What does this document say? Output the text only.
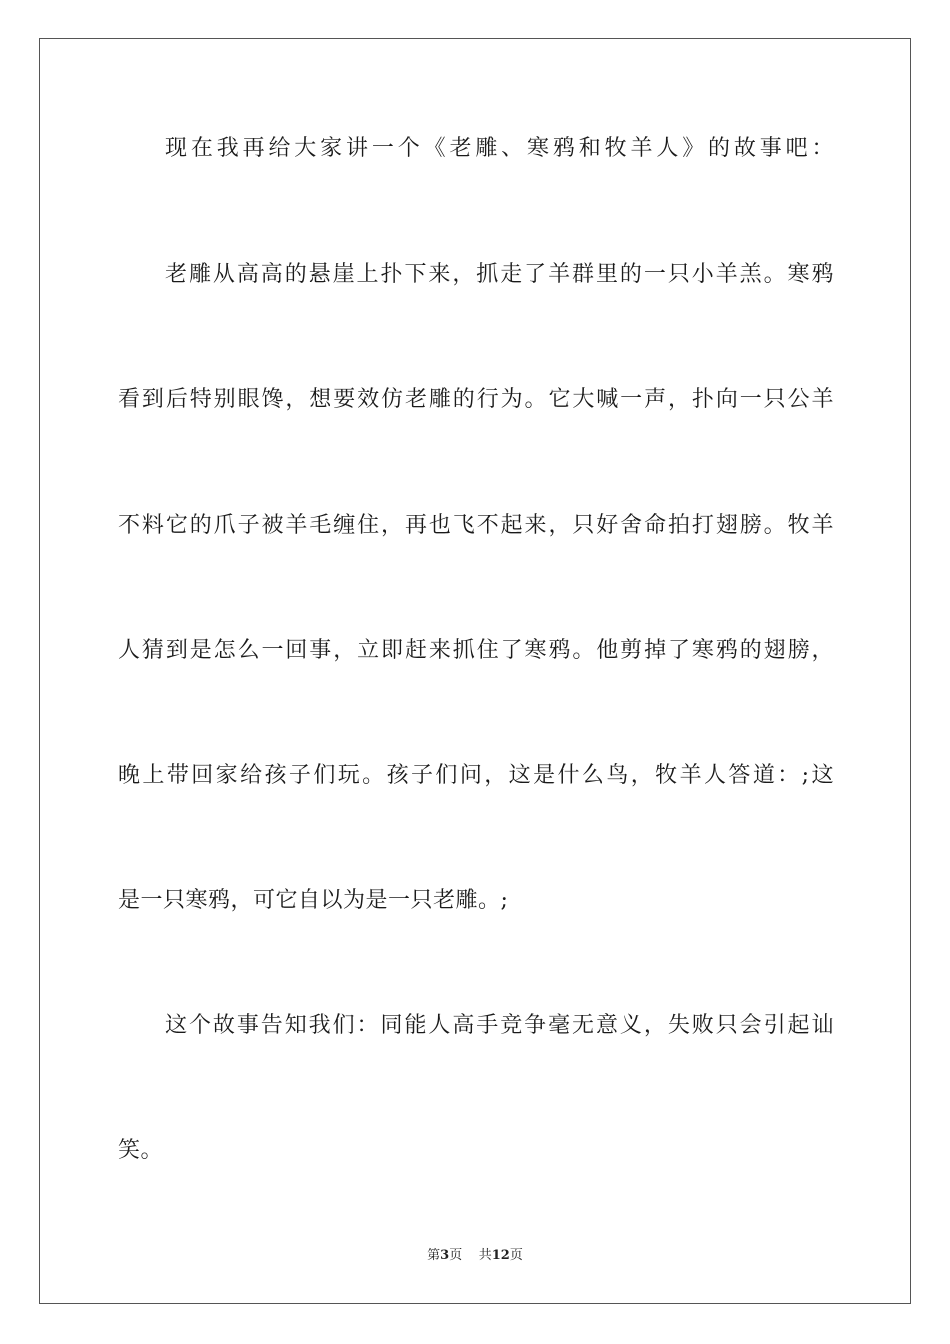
现在我再给大家讲一个《老雕、寒鸦和牧羊人》的故事吧：
老雕从高高的悬崖上扑下来，抓走了羊群里的一只小羊羔。寒鸦
看到后特别眼馋，想要效仿老雕的行为。它大喊一声，扑向一只公羊
不料它的爪子被羊毛缠住，再也飞不起来，只好舍命拍打翅膀。牧羊
人猜到是怎么一回事，立即赶来抓住了寒鸦。他剪掉了寒鸦的翅膀，
晚上带回家给孩子们玩。孩子们问，这是什么鸟，牧羊人答道：;这
是一只寒鸦，可它自以为是一只老雕。;
这个故事告知我们：同能人高手竞争毫无意义，失败只会引起讪
笑。
第3页 共12页
